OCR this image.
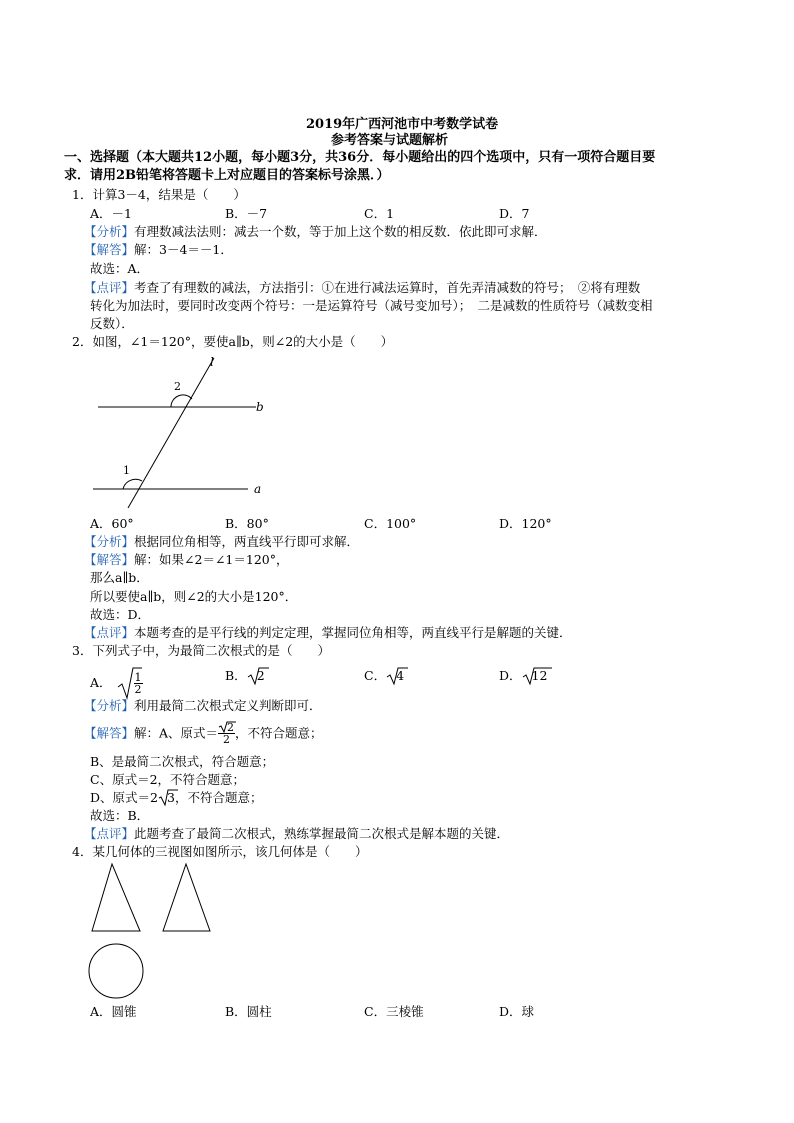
2019年广西河池市中考数学试卷
参考答案与试题解析
一、选择题（本大题共12小题，每小题3分，共36分．每小题给出的四个选项中，只有一项符合题目要
求．请用2B铅笔将答题卡上对应题目的答案标号涂黑．）
1．计算3－4，结果是（　　）
A．－1	B．－7	C．1	D．7
【分析】有理数减法法则：减去一个数，等于加上这个数的相反数．依此即可求解．
【解答】解：3－4＝－1．
故选：A．
【点评】考查了有理数的减法，方法指引：①在进行减法运算时，首先弄清减数的符号；　②将有理数
转化为加法时，要同时改变两个符号：一是运算符号（减号变加号）；　二是减数的性质符号（减数变相
反数）．
2．如图，∠1＝120°，要使a∥b，则∠2的大小是（　　）
l
b
a
2
1
A．60°	B．80°	C．100°	D．120°
【分析】根据同位角相等，两直线平行即可求解．
【解答】解：如果∠2＝∠1＝120°，
那么a∥b．
所以要使a∥b，则∠2的大小是120°．
故选：D．
【点评】本题考查的是平行线的判定定理，掌握同位角相等，两直线平行是解题的关键．
3．下列式子中，为最简二次根式的是（　　）
A． $\frac{1}{2}$	B． 2	C． 4	D． 12
【分析】利用最简二次根式定义判断即可．
【解答】解：A、原式＝ $\frac{2}{2}$ ，不符合题意；
B、是最简二次根式，符合题意；
C、原式＝2，不符合题意；
D、原式＝2 3，不符合题意；
故选：B．
【点评】此题考查了最简二次根式，熟练掌握最简二次根式是解本题的关键．
4．某几何体的三视图如图所示，该几何体是（　　）
A．圆锥	B．圆柱	C．三棱锥	D．球
